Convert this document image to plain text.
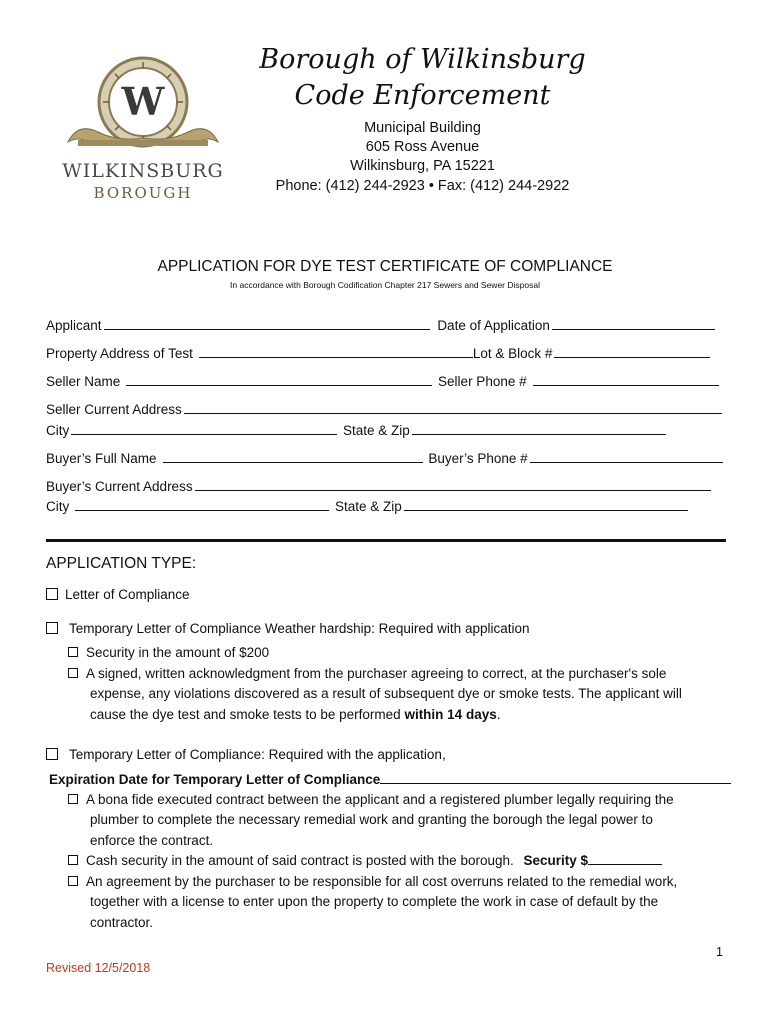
W
WILKINSBURG
BOROUGH
Borough of Wilkinsburg
Code Enforcement
Municipal Building
605 Ross Avenue
Wilkinsburg, PA 15221
Phone: (412) 244-2923 • Fax: (412) 244-2922
APPLICATION FOR DYE TEST CERTIFICATE OF COMPLIANCE
In accordance with Borough Codification Chapter 217 Sewers and Sewer Disposal
Applicant	Date of Application
Property Address of Test	Lot & Block #
Seller Name	Seller Phone #
Seller Current Address
City	State & Zip
Buyer’s Full Name	Buyer’s Phone #
Buyer’s Current Address
City	State & Zip
APPLICATION TYPE:
Letter of Compliance
Temporary Letter of Compliance Weather hardship: Required with application
Security in the amount of $200
A signed, written acknowledgment from the purchaser agreeing to correct, at the purchaser's sole
expense, any violations discovered as a result of subsequent dye or smoke tests. The applicant will
cause the dye test and smoke tests to be performed within 14 days.
Temporary Letter of Compliance: Required with the application,
Expiration Date for Temporary Letter of Compliance
A bona fide executed contract between the applicant and a registered plumber legally requiring the
plumber to complete the necessary remedial work and granting the borough the legal power to
enforce the contract.
Cash security in the amount of said contract is posted with the borough. Security $
An agreement by the purchaser to be responsible for all cost overruns related to the remedial work,
together with a license to enter upon the property to complete the work in case of default by the
contractor.
1
Revised 12/5/2018
